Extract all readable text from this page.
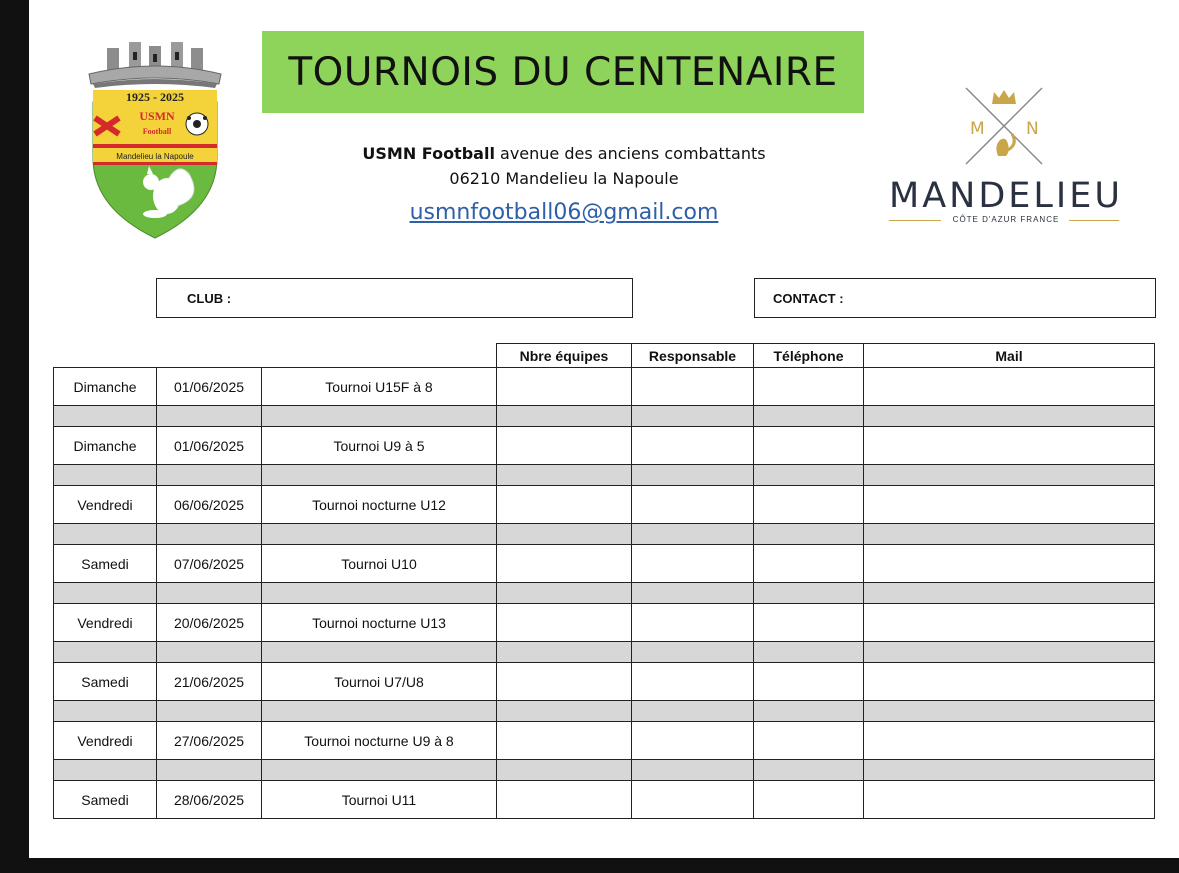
1925 - 2025
USMN
Football
Mandelieu la Napoule
TOURNOIS DU CENTENAIRE
USMN Football avenue des anciens combattants
06210 Mandelieu la Napoule
usmnfootball06@gmail.com
M N
MANDELIEU
CÔTE D'AZUR FRANCE
CLUB :	CONTACT :
			Nbre équipes	Responsable	Téléphone	Mail
Dimanche	01/06/2025	Tournoi U15F à 8				

Dimanche	01/06/2025	Tournoi U9 à 5				

Vendredi	06/06/2025	Tournoi nocturne U12				

Samedi	07/06/2025	Tournoi U10				

Vendredi	20/06/2025	Tournoi nocturne U13				

Samedi	21/06/2025	Tournoi U7/U8				

Vendredi	27/06/2025	Tournoi nocturne U9 à 8				

Samedi	28/06/2025	Tournoi U11				
